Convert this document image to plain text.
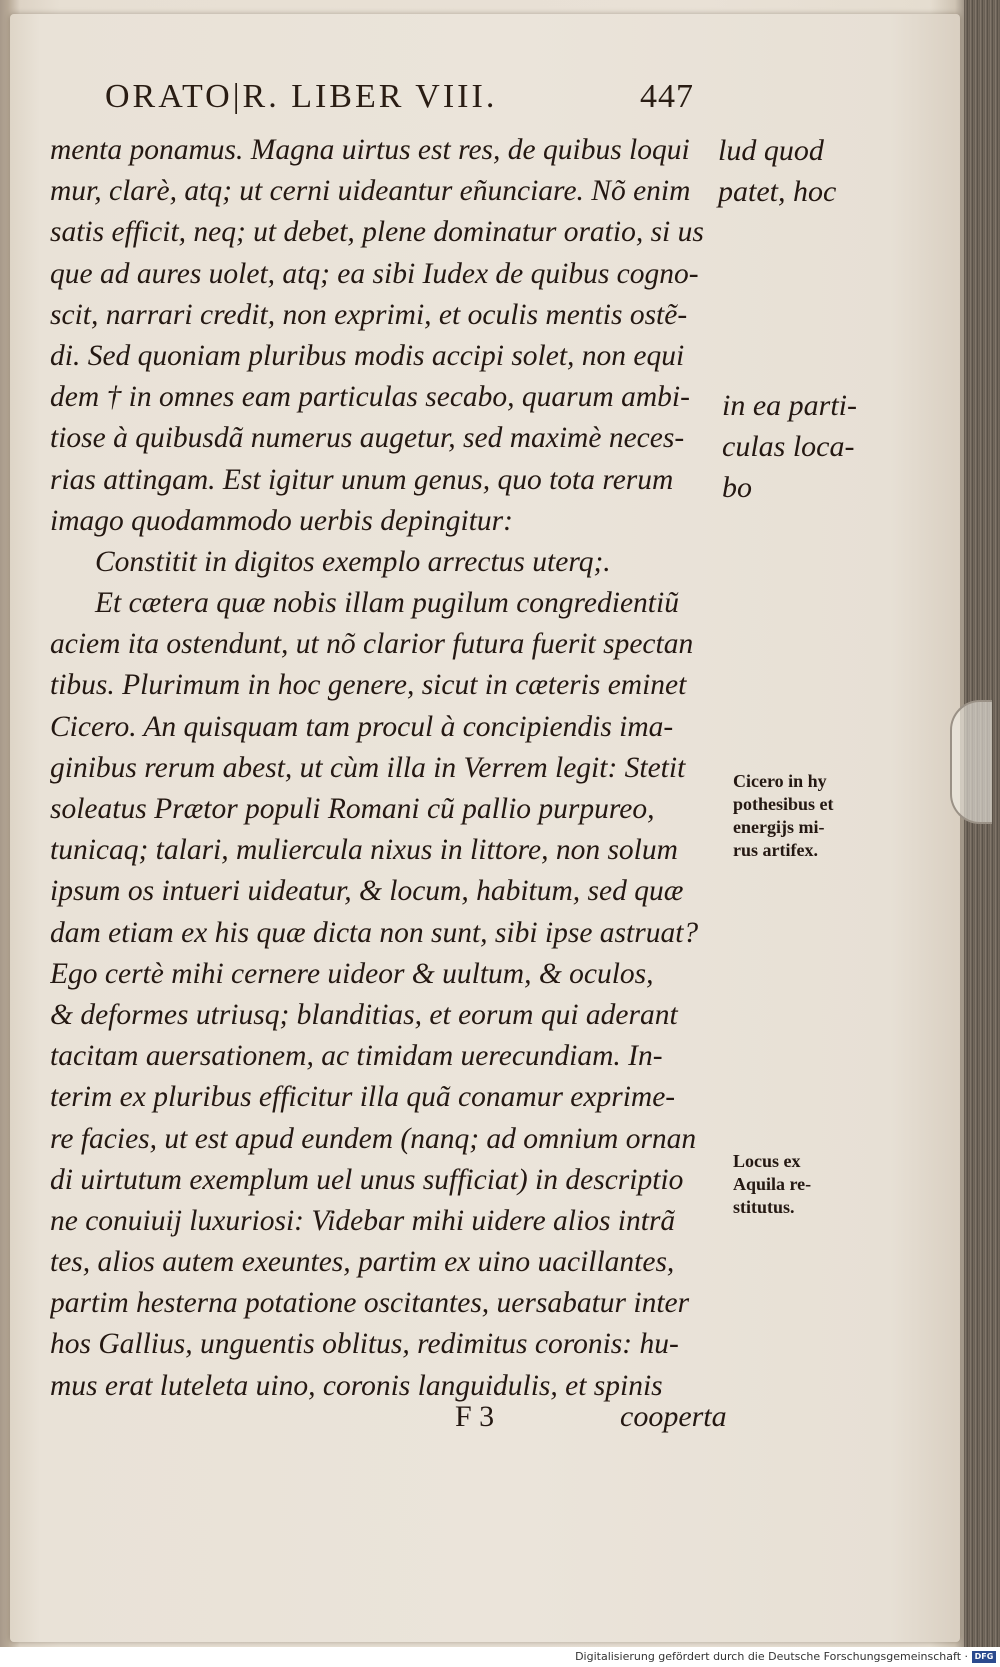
ORATO|R. LIBER VIII.	447
menta ponamus. Magna uirtus est res, de quibus loqui
mur, clarè, atq; ut cerni uideantur eñunciare. Nõ enim
satis efficit, neq; ut debet, plene dominatur oratio, si us
que ad aures uolet, atq; ea sibi Iudex de quibus cogno-
scit, narrari credit, non exprimi, et oculis mentis ostẽ-
di. Sed quoniam pluribus modis accipi solet, non equi
dem † in omnes eam particulas secabo, quarum ambi-
tiose à quibusdã numerus augetur, sed maximè neces-
rias attingam. Est igitur unum genus, quo tota rerum
imago quodammodo uerbis depingitur:
Constitit in digitos exemplo arrectus uterq;.
Et cætera quæ nobis illam pugilum congredientiũ
aciem ita ostendunt, ut nõ clarior futura fuerit spectan
tibus. Plurimum in hoc genere, sicut in cæteris eminet
Cicero. An quisquam tam procul à concipiendis ima-
ginibus rerum abest, ut cùm illa in Verrem legit: Stetit
soleatus Prætor populi Romani cũ pallio purpureo,
tunicaq; talari, muliercula nixus in littore, non solum
ipsum os intueri uideatur, & locum, habitum, sed quæ
dam etiam ex his quæ dicta non sunt, sibi ipse astruat?
Ego certè mihi cernere uideor & uultum, & oculos,
& deformes utriusq; blanditias, et eorum qui aderant
tacitam auersationem, ac timidam uerecundiam. In-
terim ex pluribus efficitur illa quã conamur exprime-
re facies, ut est apud eundem (nanq; ad omnium ornan
di uirtutum exemplum uel unus sufficiat) in descriptio
ne conuiuij luxuriosi: Videbar mihi uidere alios intrã
tes, alios autem exeuntes, partim ex uino uacillantes,
partim hesterna potatione oscitantes, uersabatur inter
hos Gallius, unguentis oblitus, redimitus coronis: hu-
mus erat luteleta uino, coronis languidulis, et spinis
lud quod
patet, hoc
in ea parti-
culas loca-
bo
Cicero in hy
pothesibus et
energijs mi-
rus artifex.
Locus ex
Aquila re-
stitutus.
F 3	cooperta
Digitalisierung gefördert durch die Deutsche Forschungsgemeinschaft · DFG
